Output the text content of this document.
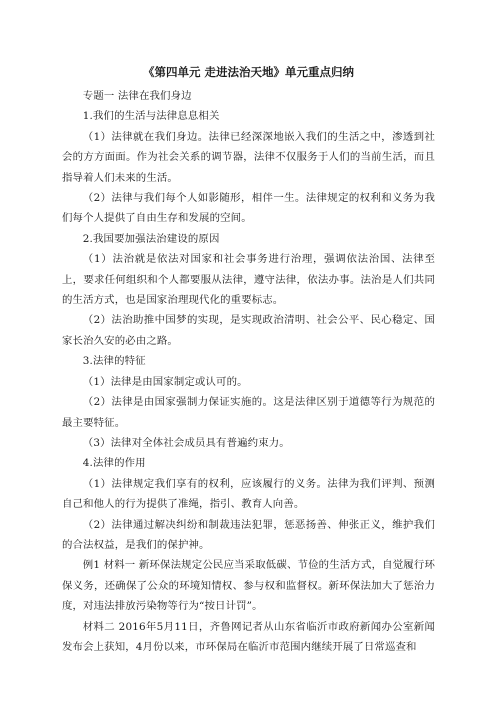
《第四单元 走进法治天地》单元重点归纳

专题一 法律在我们身边

1.我们的生活与法律息息相关

（1）法律就在我们身边。法律已经深深地嵌入我们的生活之中，渗透到社会的方方面面。作为社会关系的调节器，法律不仅服务于人们的当前生活，而且指导着人们未来的生活。

（2）法律与我们每个人如影随形，相伴一生。法律规定的权利和义务为我们每个人提供了自由生存和发展的空间。

2.我国要加强法治建设的原因

（1）法治就是依法对国家和社会事务进行治理，强调依法治国、法律至上，要求任何组织和个人都要服从法律，遵守法律，依法办事。法治是人们共同的生活方式，也是国家治理现代化的重要标志。

（2）法治助推中国梦的实现，是实现政治清明、社会公平、民心稳定、国家长治久安的必由之路。

3.法律的特征

（1）法律是由国家制定或认可的。

（2）法律是由国家强制力保证实施的。这是法律区别于道德等行为规范的最主要特征。

（3）法律对全体社会成员具有普遍约束力。

4.法律的作用

（1）法律规定我们享有的权利，应该履行的义务。法律为我们评判、预测自己和他人的行为提供了准绳，指引、教育人向善。

（2）法律通过解决纠纷和制裁违法犯罪，惩恶扬善、伸张正义，维护我们的合法权益，是我们的保护神。

例1 材料一 新环保法规定公民应当采取低碳、节俭的生活方式，自觉履行环保义务，还确保了公众的环境知情权、参与权和监督权。新环保法加大了惩治力度，对违法排放污染物等行为“按日计罚”。

材料二 2016年5月11日，齐鲁网记者从山东省临沂市政府新闻办公室新闻发布会上获知，4月份以来，市环保局在临沂市范围内继续开展了日常巡查和
